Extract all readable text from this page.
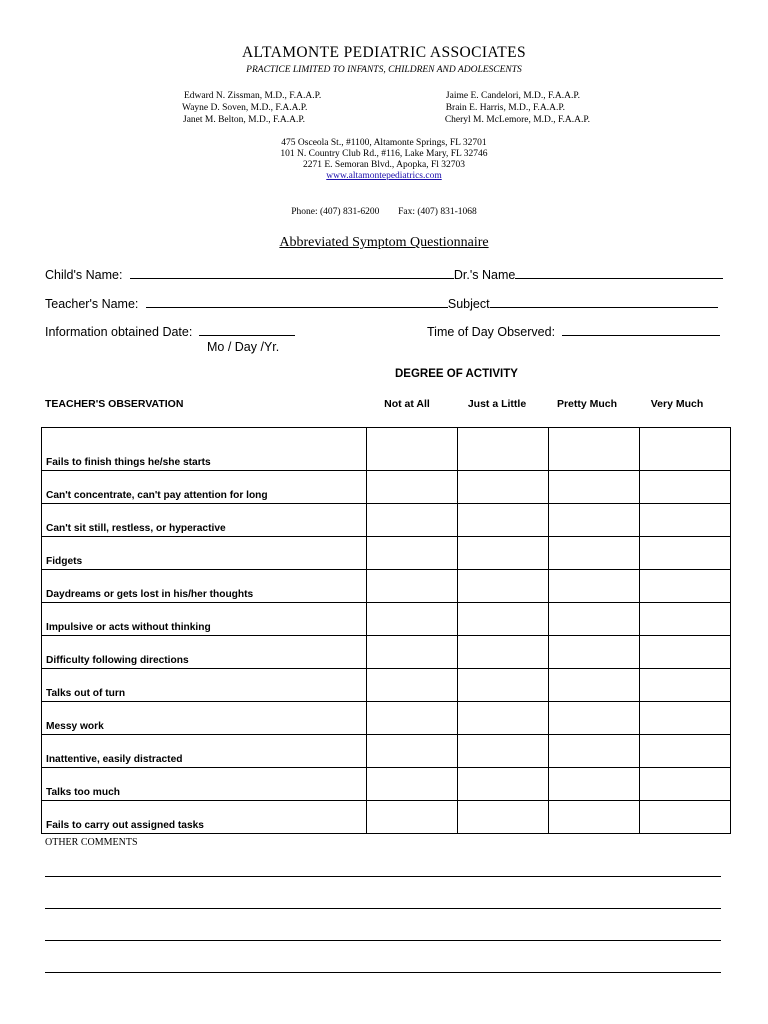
ALTAMONTE PEDIATRIC ASSOCIATES
PRACTICE LIMITED TO INFANTS, CHILDREN AND ADOLESCENTS
Edward N. Zissman, M.D., F.A.A.P.
Wayne D. Soven, M.D., F.A.A.P.
Janet M. Belton, M.D., F.A.A.P.
Jaime E. Candelori, M.D., F.A.A.P.
Brain E. Harris, M.D., F.A.A.P.
Cheryl M. McLemore, M.D., F.A.A.P.
475 Osceola St., #1100, Altamonte Springs, FL 32701
101 N. Country Club Rd., #116, Lake Mary, FL 32746
2271 E. Semoran Blvd., Apopka, Fl 32703
www.altamontepediatrics.com
Phone: (407) 831-6200 Fax: (407) 831-1068
Abbreviated Symptom Questionnaire
Child's Name:	Dr.'s Name
Teacher's Name:	Subject
Information obtained Date:
Mo / Day /Yr.
Time of Day Observed:
DEGREE OF ACTIVITY
TEACHER'S OBSERVATION	Not at All	Just a Little	Pretty Much	Very Much
Fails to finish things he/she starts				
Can't concentrate, can't pay attention for long				
Can't sit still, restless, or hyperactive				
Fidgets				
Daydreams or gets lost in his/her thoughts				
Impulsive or acts without thinking				
Difficulty following directions				
Talks out of turn				
Messy work				
Inattentive, easily distracted				
Talks too much				
Fails to carry out assigned tasks				
OTHER COMMENTS
